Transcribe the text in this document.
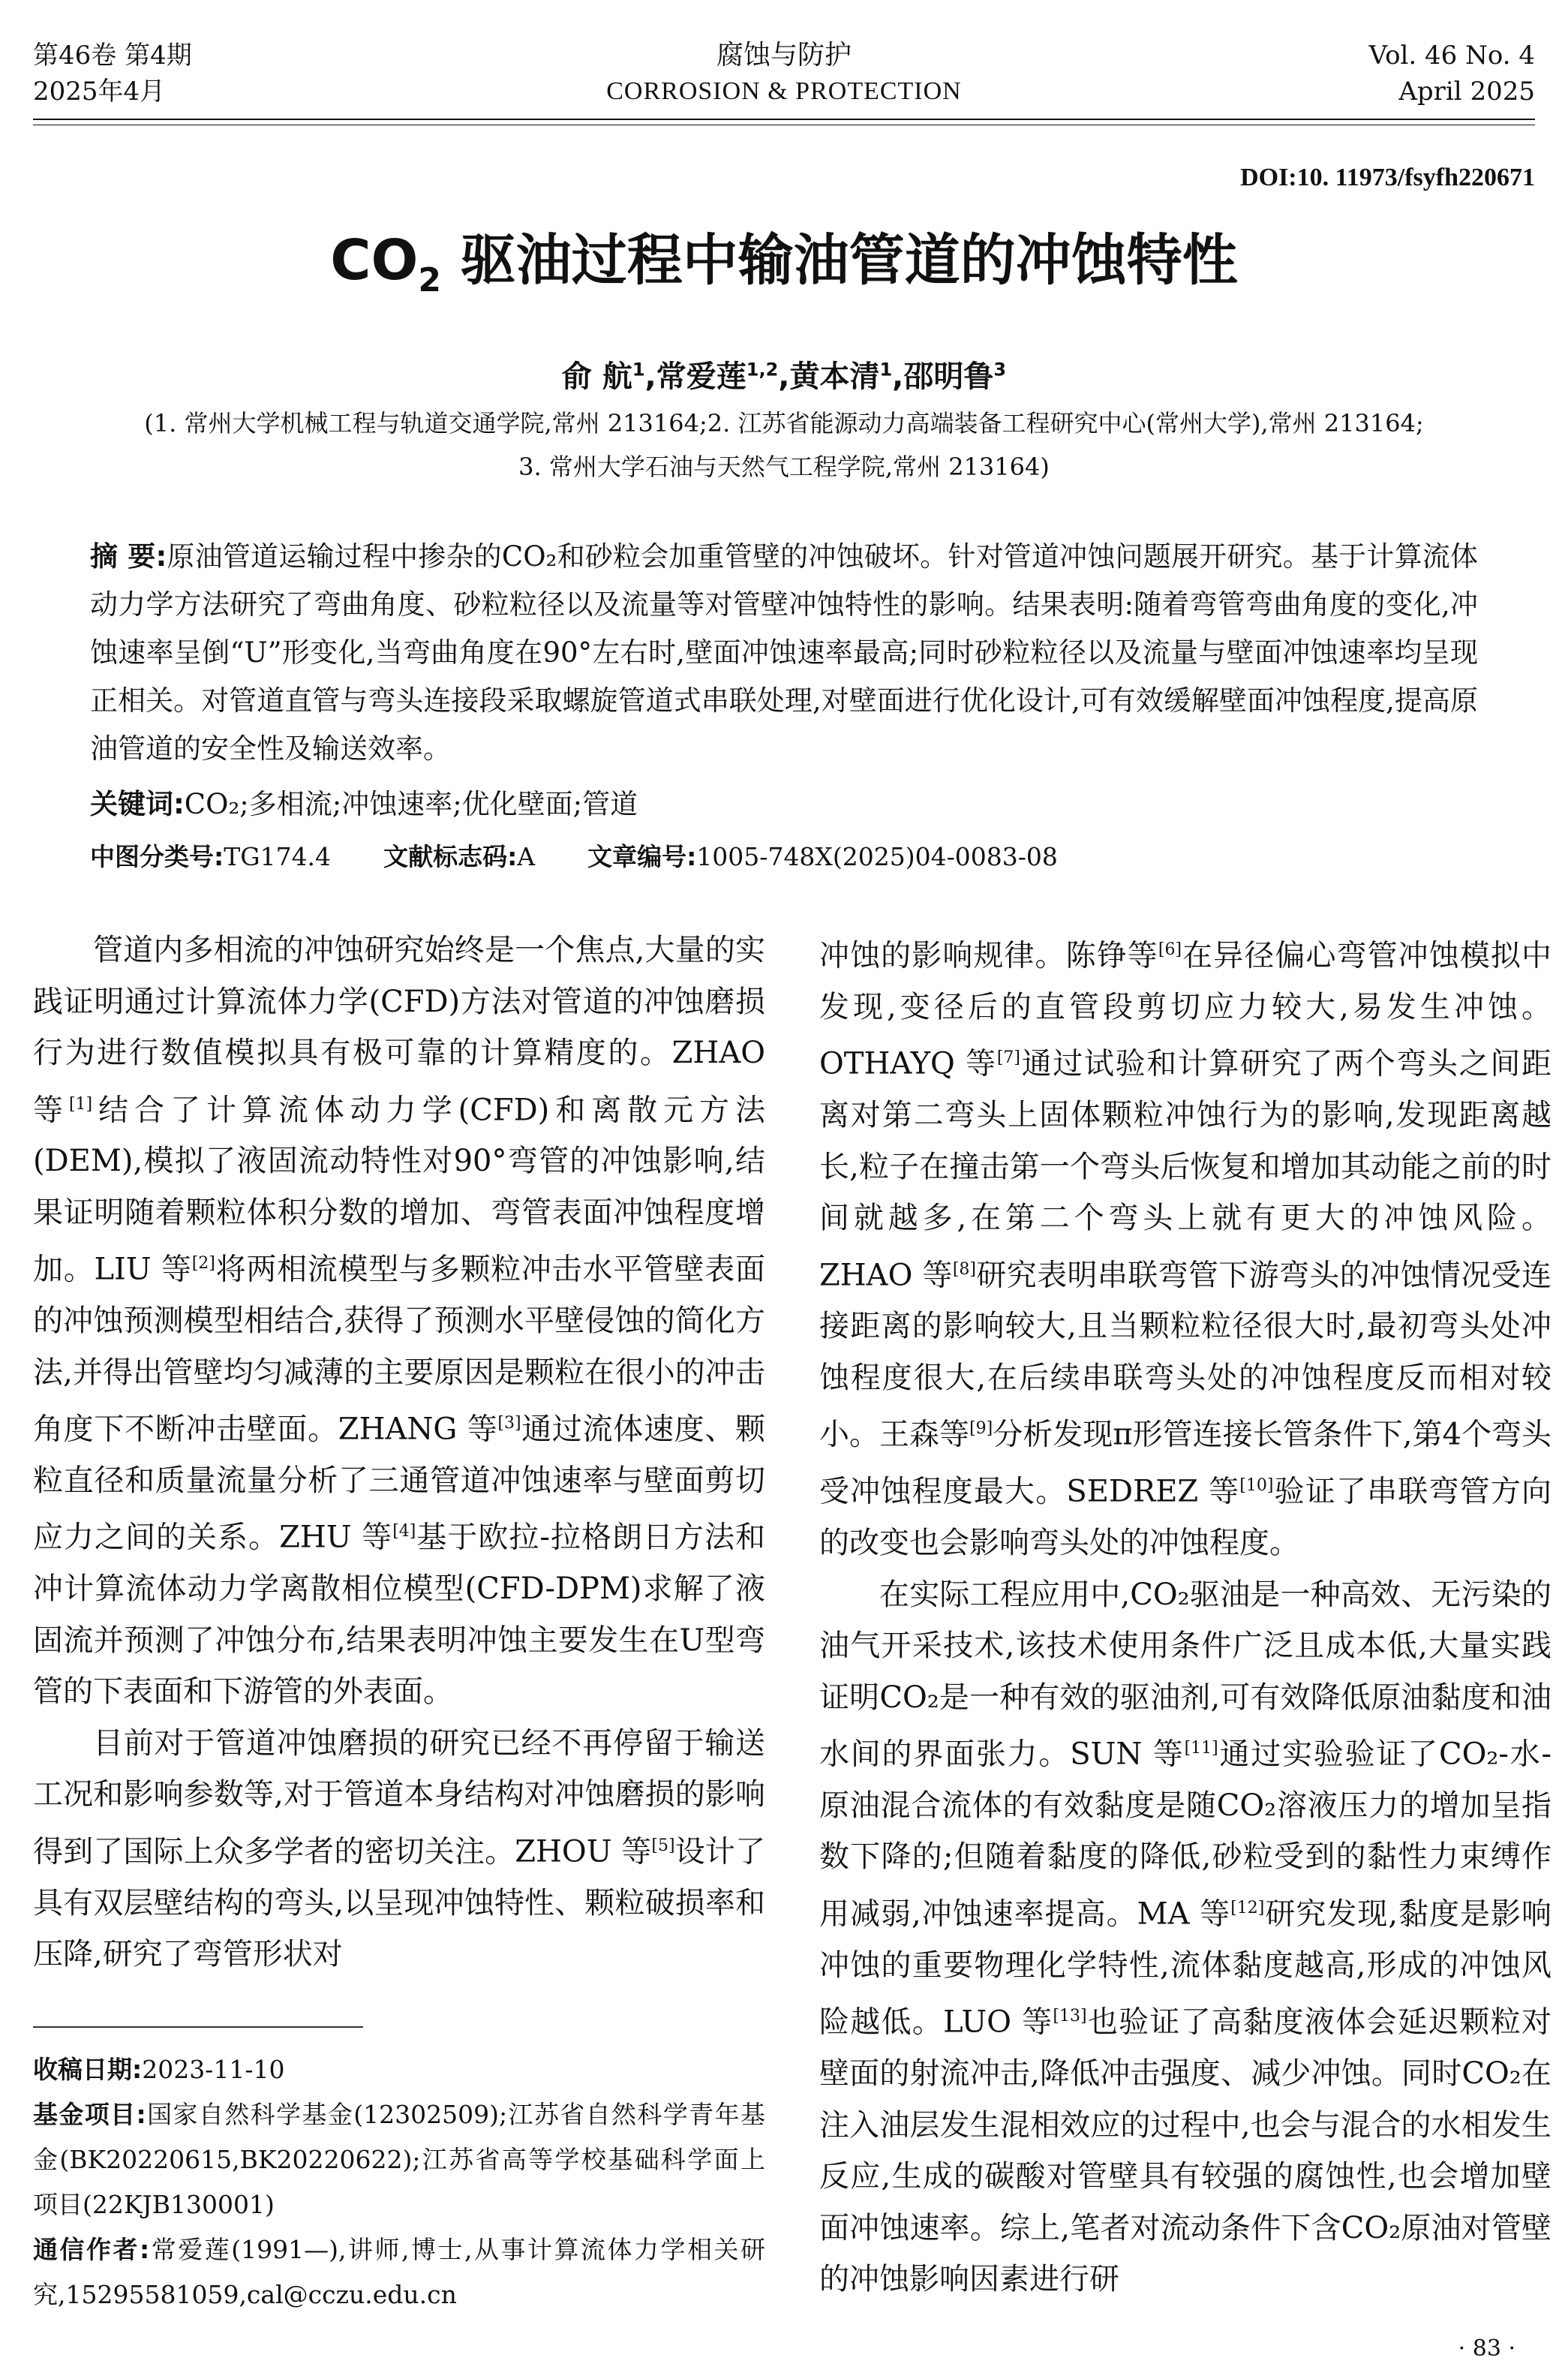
第46卷 第4期
2025年4月
腐蚀与防护
CORROSION & PROTECTION
Vol. 46 No. 4
April 2025
DOI:10. 11973/fsyfh220671
$CO_2$ 驱油过程中输油管道的冲蚀特性
俞 航$^1$,常爱莲$^{1,2}$,黄本清$^1$,邵明鲁$^3$
(1. 常州大学机械工程与轨道交通学院,常州 213164;2. 江苏省能源动力高端装备工程研究中心(常州大学),常州 213164;
3. 常州大学石油与天然气工程学院,常州 213164)
摘 要:原油管道运输过程中掺杂的CO₂和砂粒会加重管壁的冲蚀破坏。针对管道冲蚀问题展开研究。基于计算流体动力学方法研究了弯曲角度、砂粒粒径以及流量等对管壁冲蚀特性的影响。结果表明:随着弯管弯曲角度的变化,冲蚀速率呈倒“U”形变化,当弯曲角度在90°左右时,壁面冲蚀速率最高;同时砂粒粒径以及流量与壁面冲蚀速率均呈现正相关。对管道直管与弯头连接段采取螺旋管道式串联处理,对壁面进行优化设计,可有效缓解壁面冲蚀程度,提高原油管道的安全性及输送效率。
关键词:CO₂;多相流;冲蚀速率;优化壁面;管道
中图分类号:TG174.4 文献标志码:A 文章编号:1005-748X(2025)04-0083-08

管道内多相流的冲蚀研究始终是一个焦点,大量的实践证明通过计算流体力学(CFD)方法对管道的冲蚀磨损行为进行数值模拟具有极可靠的计算精度的。ZHAO 等[1]结合了计算流体动力学(CFD)和离散元方法(DEM),模拟了液固流动特性对90°弯管的冲蚀影响,结果证明随着颗粒体积分数的增加、弯管表面冲蚀程度增加。LIU 等[2]将两相流模型与多颗粒冲击水平管壁表面的冲蚀预测模型相结合,获得了预测水平壁侵蚀的简化方法,并得出管壁均匀减薄的主要原因是颗粒在很小的冲击角度下不断冲击壁面。ZHANG 等[3]通过流体速度、颗粒直径和质量流量分析了三通管道冲蚀速率与壁面剪切应力之间的关系。ZHU 等[4]基于欧拉-拉格朗日方法和冲计算流体动力学离散相位模型(CFD-DPM)求解了液固流并预测了冲蚀分布,结果表明冲蚀主要发生在U型弯管的下表面和下游管的外表面。

目前对于管道冲蚀磨损的研究已经不再停留于输送工况和影响参数等,对于管道本身结构对冲蚀磨损的影响得到了国际上众多学者的密切关注。ZHOU 等[5]设计了具有双层壁结构的弯头,以呈现冲蚀特性、颗粒破损率和压降,研究了弯管形状对

冲蚀的影响规律。陈铮等[6]在异径偏心弯管冲蚀模拟中发现,变径后的直管段剪切应力较大,易发生冲蚀。OTHAYQ 等[7]通过试验和计算研究了两个弯头之间距离对第二弯头上固体颗粒冲蚀行为的影响,发现距离越长,粒子在撞击第一个弯头后恢复和增加其动能之前的时间就越多,在第二个弯头上就有更大的冲蚀风险。ZHAO 等[8]研究表明串联弯管下游弯头的冲蚀情况受连接距离的影响较大,且当颗粒粒径很大时,最初弯头处冲蚀程度很大,在后续串联弯头处的冲蚀程度反而相对较小。王森等[9]分析发现π形管连接长管条件下,第4个弯头受冲蚀程度最大。SEDREZ 等[10]验证了串联弯管方向的改变也会影响弯头处的冲蚀程度。

在实际工程应用中,CO₂驱油是一种高效、无污染的油气开采技术,该技术使用条件广泛且成本低,大量实践证明CO₂是一种有效的驱油剂,可有效降低原油黏度和油水间的界面张力。SUN 等[11]通过实验验证了CO₂-水-原油混合流体的有效黏度是随CO₂溶液压力的增加呈指数下降的;但随着黏度的降低,砂粒受到的黏性力束缚作用减弱,冲蚀速率提高。MA 等[12]研究发现,黏度是影响冲蚀的重要物理化学特性,流体黏度越高,形成的冲蚀风险越低。LUO 等[13]也验证了高黏度液体会延迟颗粒对壁面的射流冲击,降低冲击强度、减少冲蚀。同时CO₂在注入油层发生混相效应的过程中,也会与混合的水相发生反应,生成的碳酸对管壁具有较强的腐蚀性,也会增加壁面冲蚀速率。综上,笔者对流动条件下含CO₂原油对管壁的冲蚀影响因素进行研

收稿日期:2023-11-10
基金项目:国家自然科学基金(12302509);江苏省自然科学青年基金(BK20220615,BK20220622);江苏省高等学校基础科学面上项目(22KJB130001)
通信作者:常爱莲(1991—),讲师,博士,从事计算流体力学相关研究,15295581059,cal@cczu.edu.cn
· 83 ·
